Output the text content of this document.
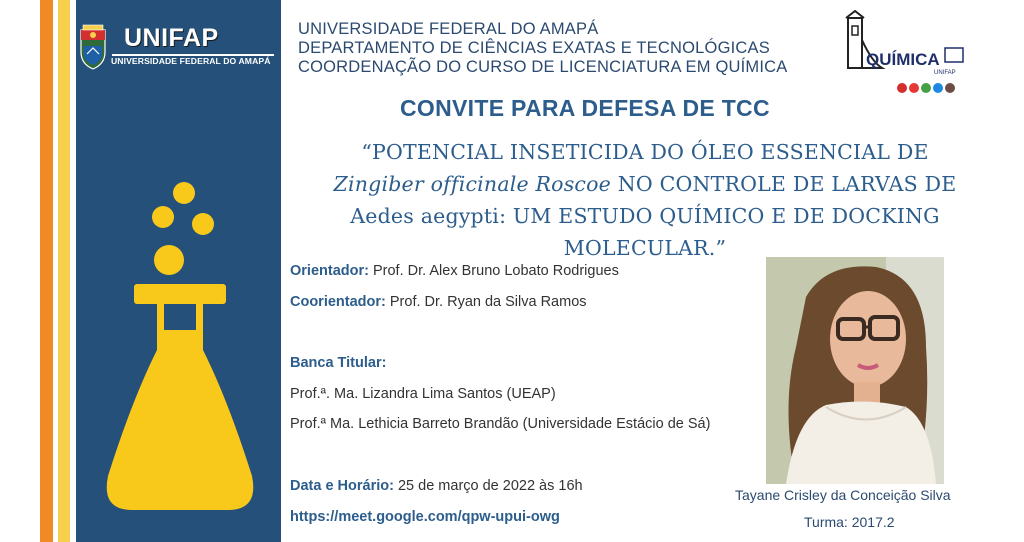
UNIFAP
UNIVERSIDADE FEDERAL DO AMAPÁ
UNIVERSIDADE FEDERAL DO AMAPÁ
DEPARTAMENTO DE CIÊNCIAS EXATAS E TECNOLÓGICAS
COORDENAÇÃO DO CURSO DE LICENCIATURA EM QUÍMICA	QUÍMICA
UNIFAP
CONVITE PARA DEFESA DE TCC
“POTENCIAL INSETICIDA DO ÓLEO ESSENCIAL DE
Zingiber officinale Roscoe NO CONTROLE DE LARVAS DE
Aedes aegypti: UM ESTUDO QUÍMICO E DE DOCKING
MOLECULAR.”
Orientador: Prof. Dr. Alex Bruno Lobato Rodrigues
Coorientador: Prof. Dr. Ryan da Silva Ramos
Banca Titular:
Prof.ª. Ma. Lizandra Lima Santos (UEAP)
Prof.ª Ma. Lethicia Barreto Brandão (Universidade Estácio de Sá)
Data e Horário: 25 de março de 2022 às 16h
https://meet.google.com/qpw-upui-owg
Tayane Crisley da Conceição Silva
Turma: 2017.2
